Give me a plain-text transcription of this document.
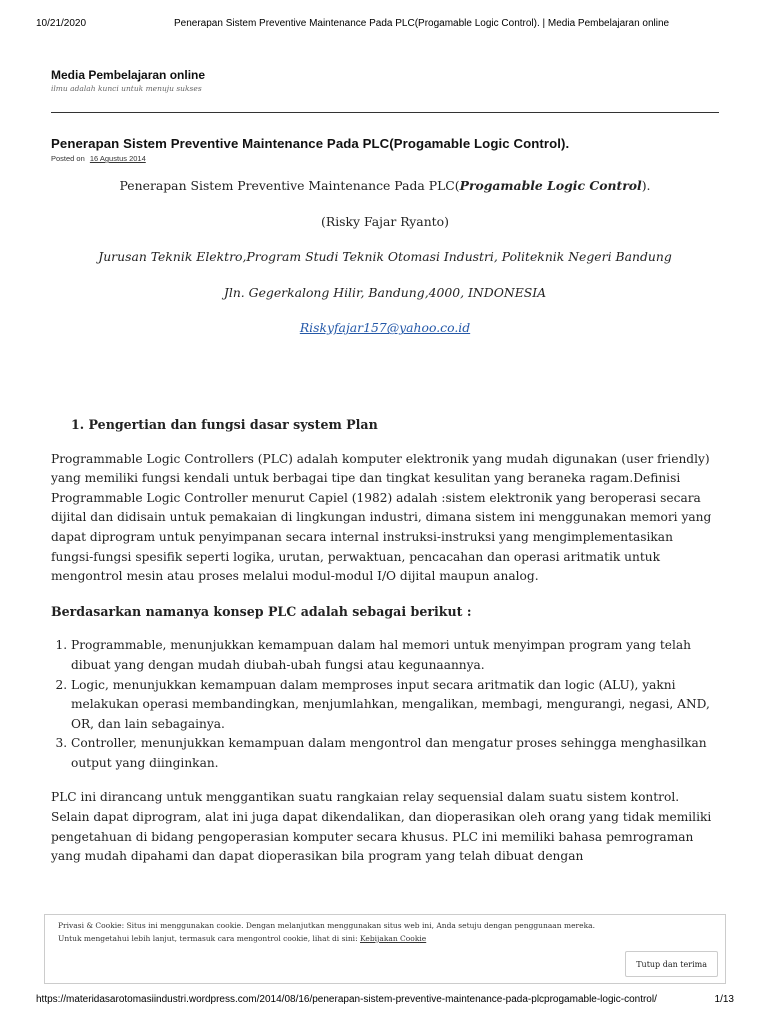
10/21/2020	Penerapan Sistem Preventive Maintenance Pada PLC(Progamable Logic Control). | Media Pembelajaran online
Media Pembelajaran online
ilmu adalah kunci untuk menuju sukses
Penerapan Sistem Preventive Maintenance Pada PLC(Progamable Logic Control).
Posted on 16 Agustus 2014

Penerapan Sistem Preventive Maintenance Pada PLC(Progamable Logic Control).

(Risky Fajar Ryanto)

Jurusan Teknik Elektro,Program Studi Teknik Otomasi Industri, Politeknik Negeri Bandung

Jln. Gegerkalong Hilir, Bandung,4000, INDONESIA

Riskyfajar157@yahoo.co.id

1. Pengertian dan fungsi dasar system Plan

Programmable Logic Controllers (PLC) adalah komputer elektronik yang mudah digunakan (user friendly) yang memiliki fungsi kendali untuk berbagai tipe dan tingkat kesulitan yang beraneka ragam.Definisi Programmable Logic Controller menurut Capiel (1982) adalah :sistem elektronik yang beroperasi secara dijital dan didisain untuk pemakaian di lingkungan industri, dimana sistem ini menggunakan memori yang dapat diprogram untuk penyimpanan secara internal instruksi-instruksi yang mengimplementasikan fungsi-fungsi spesifik seperti logika, urutan, perwaktuan, pencacahan dan operasi aritmatik untuk mengontrol mesin atau proses melalui modul-modul I/O dijital maupun analog.

Berdasarkan namanya konsep PLC adalah sebagai berikut :

1. Programmable, menunjukkan kemampuan dalam hal memori untuk menyimpan program yang telah dibuat yang dengan mudah diubah-ubah fungsi atau kegunaannya.
2. Logic, menunjukkan kemampuan dalam memproses input secara aritmatik dan logic (ALU), yakni melakukan operasi membandingkan, menjumlahkan, mengalikan, membagi, mengurangi, negasi, AND, OR, dan lain sebagainya.
3. Controller, menunjukkan kemampuan dalam mengontrol dan mengatur proses sehingga menghasilkan output yang diinginkan.

PLC ini dirancang untuk menggantikan suatu rangkaian relay sequensial dalam suatu sistem kontrol. Selain dapat diprogram, alat ini juga dapat dikendalikan, dan dioperasikan oleh orang yang tidak memiliki pengetahuan di bidang pengoperasian komputer secara khusus. PLC ini memiliki bahasa pemrograman yang mudah dipahami dan dapat dioperasikan bila program yang telah dibuat dengan

Privasi & Cookie: Situs ini menggunakan cookie. Dengan melanjutkan menggunakan situs web ini, Anda setuju dengan penggunaan mereka.
Untuk mengetahui lebih lanjut, termasuk cara mengontrol cookie, lihat di sini: Kebijakan Cookie
Tutup dan terima
https://materidasarotomasiindustri.wordpress.com/2014/08/16/penerapan-sistem-preventive-maintenance-pada-plcprogamable-logic-control/	1/13
